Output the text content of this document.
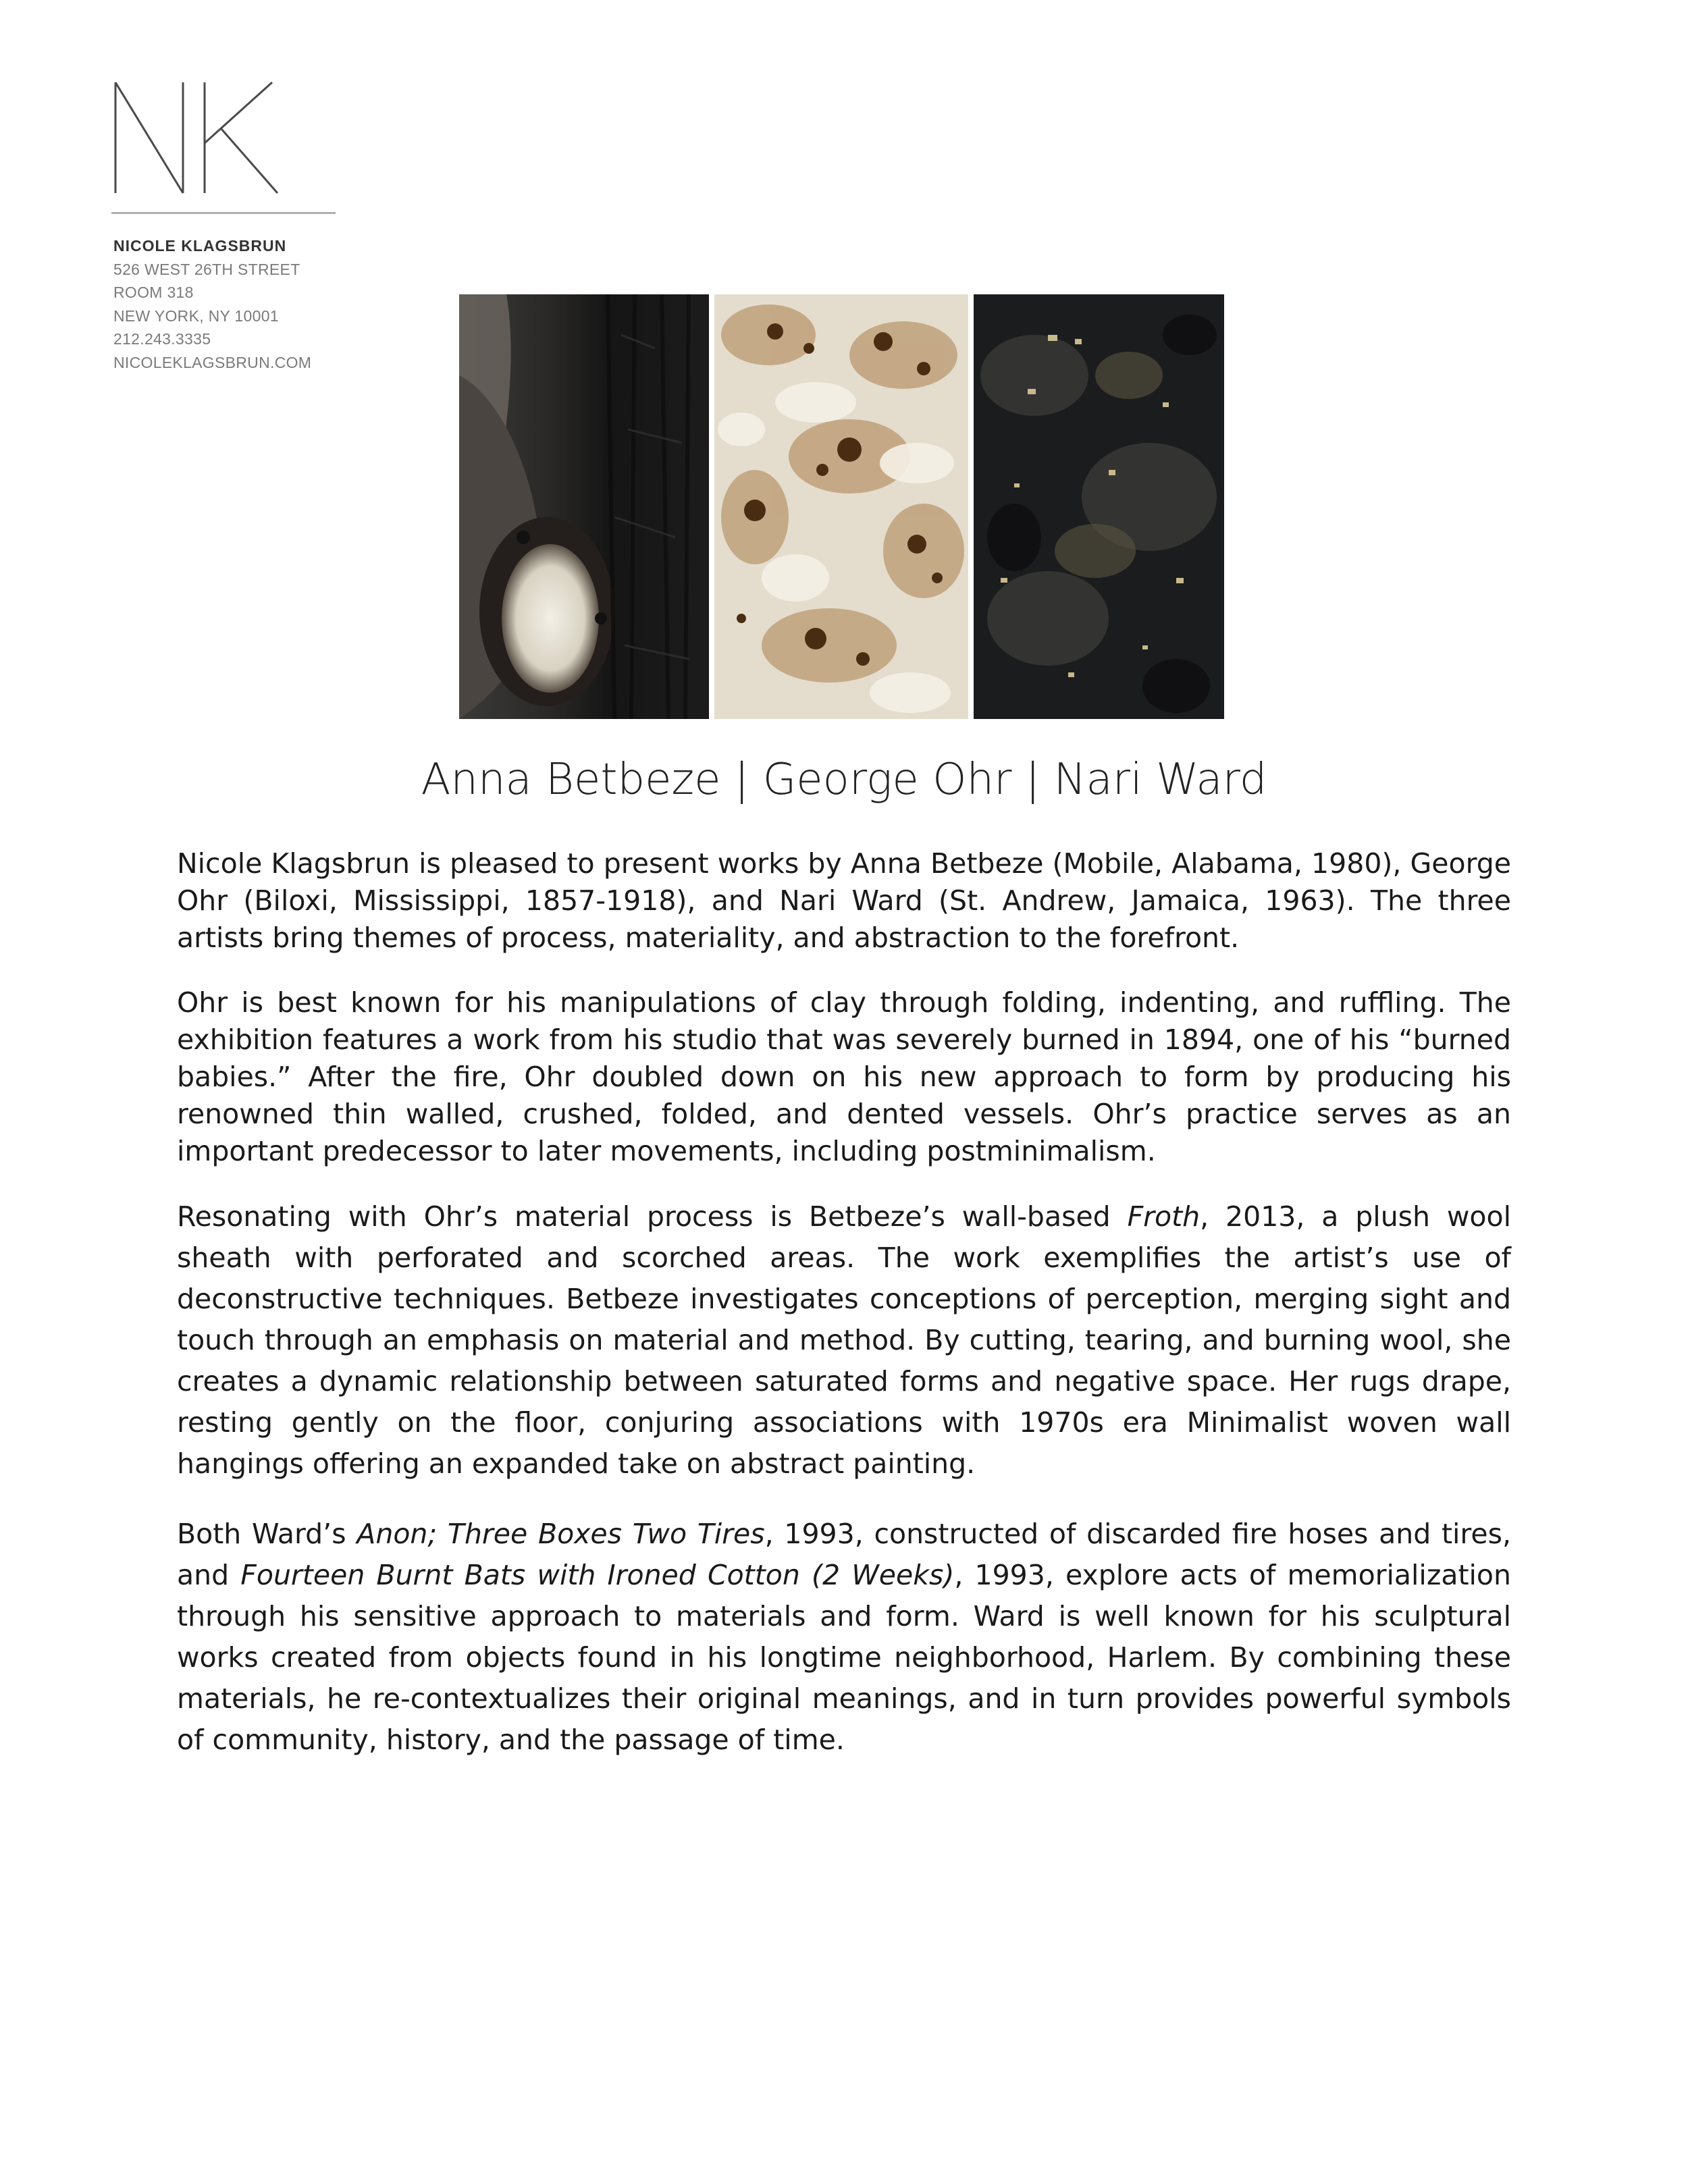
NICOLE KLAGSBRUN
526 WEST 26TH STREET
ROOM 318
NEW YORK, NY 10001
212.243.3335
NICOLEKLAGSBRUN.COM
Anna Betbeze | George Ohr | Nari Ward

Nicole Klagsbrun is pleased to present works by Anna Betbeze (Mobile, Alabama, 1980), George Ohr (Biloxi, Mississippi, 1857-1918), and Nari Ward (St. Andrew, Jamaica, 1963). The three artists bring themes of process, materiality, and abstraction to the forefront.

Ohr is best known for his manipulations of clay through folding, indenting, and ruffling. The exhibition features a work from his studio that was severely burned in 1894, one of his “burned babies.” After the fire, Ohr doubled down on his new approach to form by producing his renowned thin walled, crushed, folded, and dented vessels. Ohr’s practice serves as an important predecessor to later movements, including postminimalism.

Resonating with Ohr’s material process is Betbeze’s wall-based Froth, 2013, a plush wool sheath with perforated and scorched areas. The work exemplifies the artist’s use of deconstructive techniques. Betbeze investigates conceptions of perception, merging sight and touch through an emphasis on material and method. By cutting, tearing, and burning wool, she creates a dynamic relationship between saturated forms and negative space. Her rugs drape, resting gently on the floor, conjuring associations with 1970s era Minimalist woven wall hangings offering an expanded take on abstract painting.

Both Ward’s Anon; Three Boxes Two Tires, 1993, constructed of discarded fire hoses and tires, and Fourteen Burnt Bats with Ironed Cotton (2 Weeks), 1993, explore acts of memorialization through his sensitive approach to materials and form. Ward is well known for his sculptural works created from objects found in his longtime neighborhood, Harlem. By combining these materials, he re-contextualizes their original meanings, and in turn provides powerful symbols of community, history, and the passage of time.
